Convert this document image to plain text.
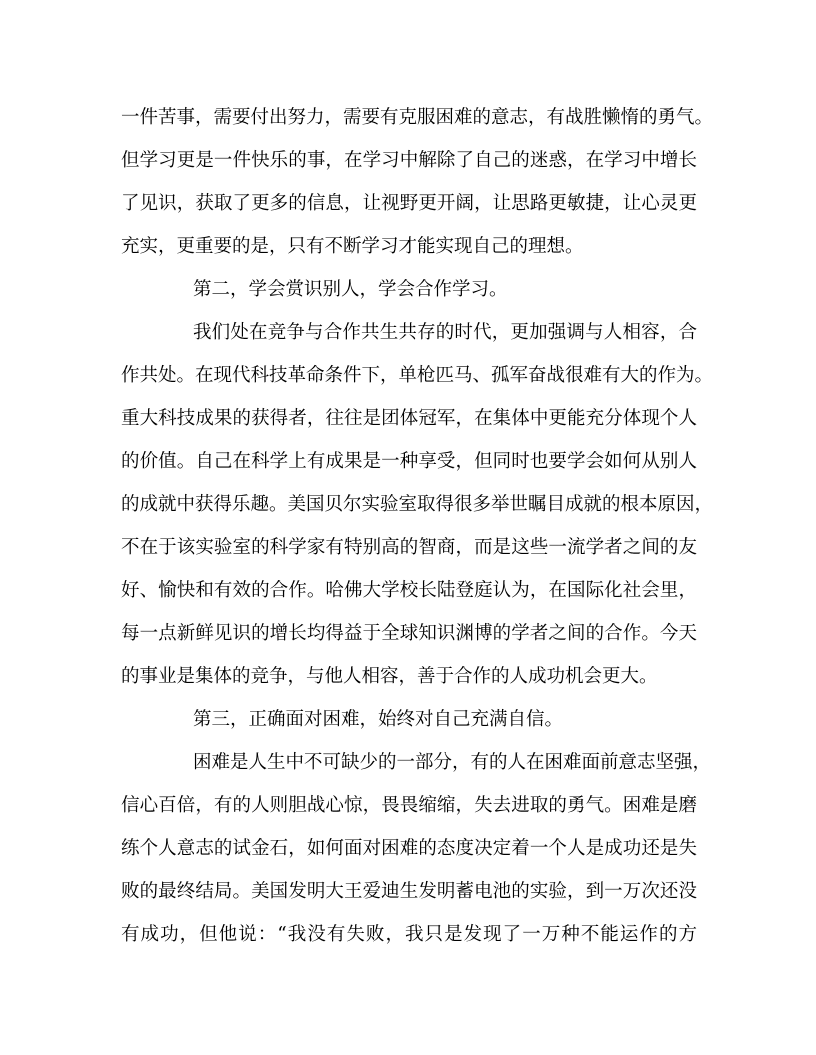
一件苦事，需要付出努力，需要有克服困难的意志，有战胜懒惰的勇气。
但学习更是一件快乐的事，在学习中解除了自己的迷惑，在学习中增长
了见识，获取了更多的信息，让视野更开阔，让思路更敏捷，让心灵更
充实，更重要的是，只有不断学习才能实现自己的理想。
第二，学会赏识别人，学会合作学习。
我们处在竞争与合作共生共存的时代，更加强调与人相容，合
作共处。在现代科技革命条件下，单枪匹马、孤军奋战很难有大的作为。
重大科技成果的获得者，往往是团体冠军，在集体中更能充分体现个人
的价值。自己在科学上有成果是一种享受，但同时也要学会如何从别人
的成就中获得乐趣。美国贝尔实验室取得很多举世瞩目成就的根本原因，
不在于该实验室的科学家有特别高的智商，而是这些一流学者之间的友
好、愉快和有效的合作。哈佛大学校长陆登庭认为，在国际化社会里，
每一点新鲜见识的增长均得益于全球知识渊博的学者之间的合作。今天
的事业是集体的竞争，与他人相容，善于合作的人成功机会更大。
第三，正确面对困难，始终对自己充满自信。
困难是人生中不可缺少的一部分，有的人在困难面前意志坚强，
信心百倍，有的人则胆战心惊，畏畏缩缩，失去进取的勇气。困难是磨
练个人意志的试金石，如何面对困难的态度决定着一个人是成功还是失
败的最终结局。美国发明大王爱迪生发明蓄电池的实验，到一万次还没
有成功，但他说：“我没有失败，我只是发现了一万种不能运作的方
